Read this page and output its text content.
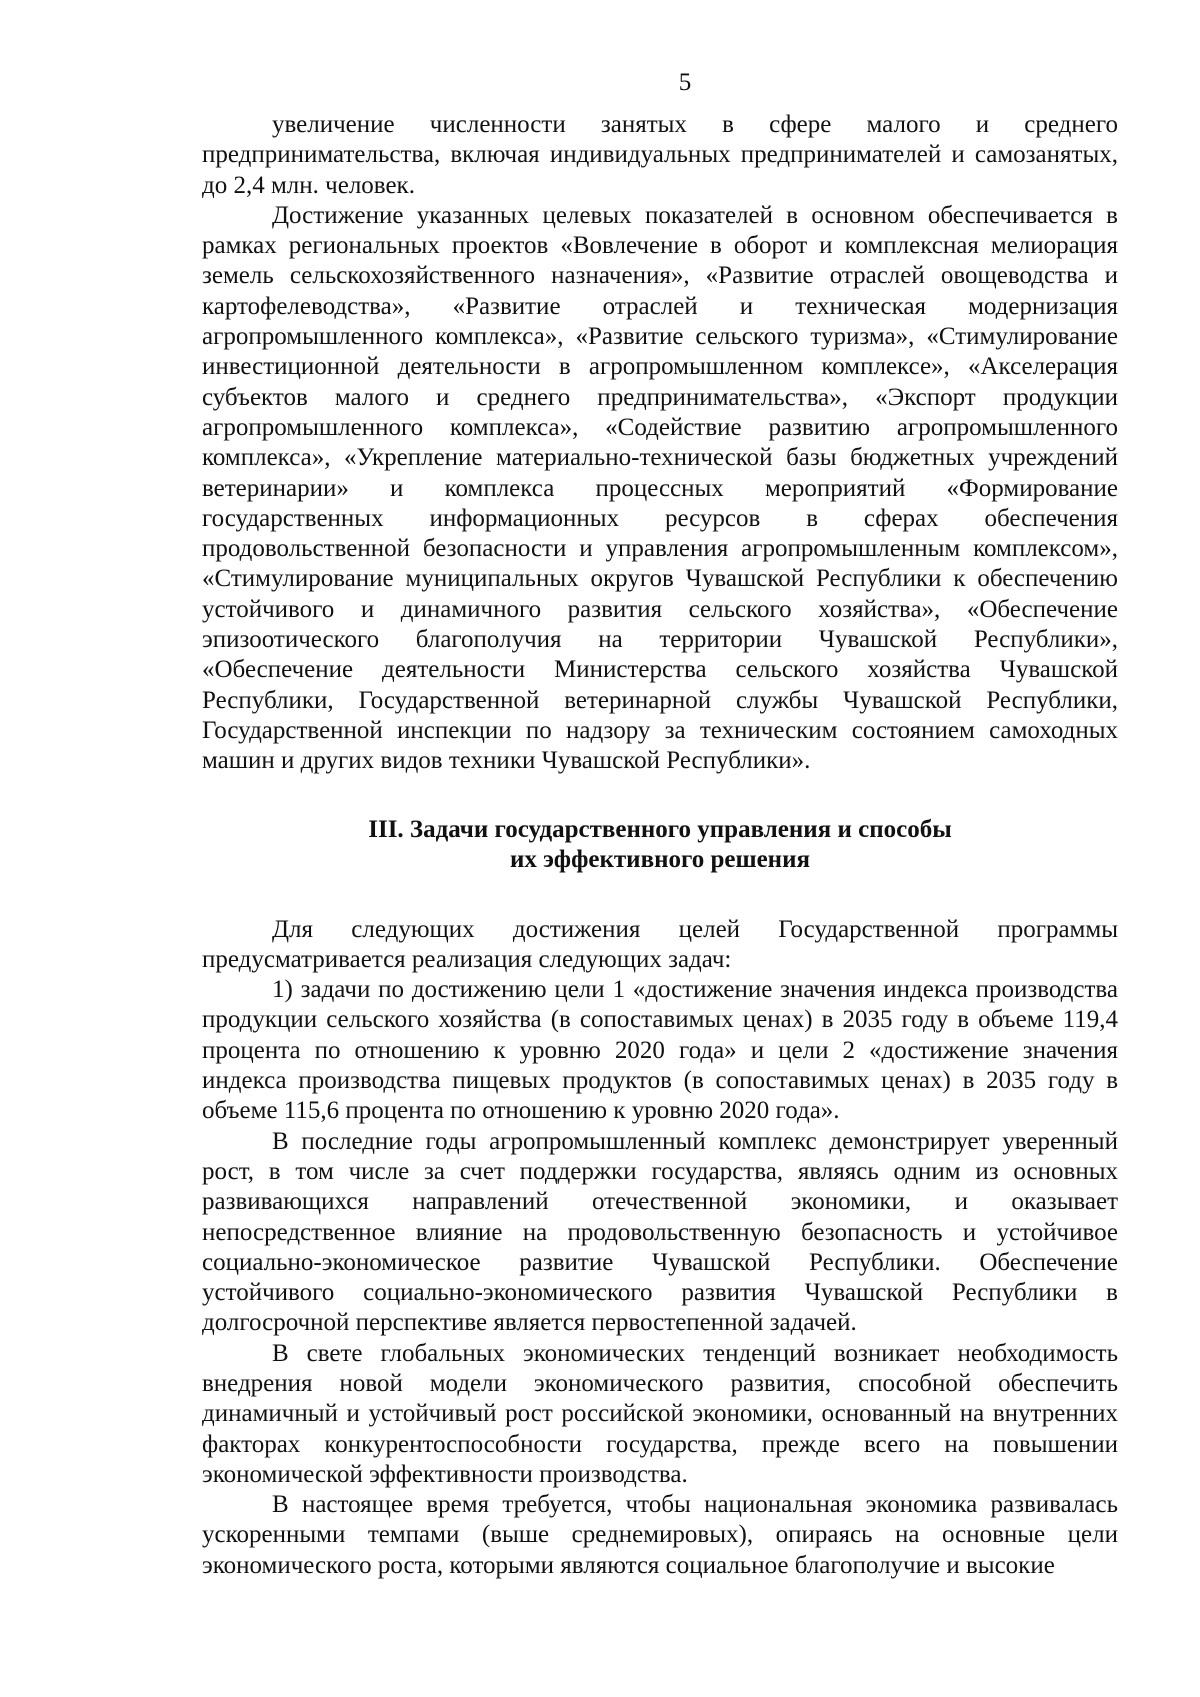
5

увеличение численности занятых в сфере малого и среднего предпринимательства, включая индивидуальных предпринимателей и самозанятых, до 2,4 млн. человек.

Достижение указанных целевых показателей в основном обеспечивается в рамках региональных проектов «Вовлечение в оборот и комплексная мелиорация земель сельскохозяйственного назначения», «Развитие отраслей овощеводства и картофелеводства», «Развитие отраслей и техническая модернизация агропромышленного комплекса», «Развитие сельского туризма», «Стимулирование инвестиционной деятельности в агропромышленном комплексе», «Акселерация субъектов малого и среднего предпринимательства», «Экспорт продукции агропромышленного комплекса», «Содействие развитию агропромышленного комплекса», «Укрепление материально-технической базы бюджетных учреждений ветеринарии» и комплекса процессных мероприятий «Формирование государственных информационных ресурсов в сферах обеспечения продовольственной безопасности и управления агропромышленным комплексом», «Стимулирование муниципальных округов Чувашской Республики к обеспечению устойчивого и динамичного развития сельского хозяйства», «Обеспечение эпизоотического благополучия на территории Чувашской Республики», «Обеспечение деятельности Министерства сельского хозяйства Чувашской Республики, Государственной ветеринарной службы Чувашской Республики, Государственной инспекции по надзору за техническим состоянием самоходных машин и других видов техники Чувашской Республики».

III. Задачи государственного управления и способы
их эффективного решения

Для следующих достижения целей Государственной программы предусматривается реализация следующих задач:

1) задачи по достижению цели 1 «достижение значения индекса производства продукции сельского хозяйства (в сопоставимых ценах) в 2035 году в объеме 119,4 процента по отношению к уровню 2020 года» и цели 2 «достижение значения индекса производства пищевых продуктов (в сопоставимых ценах) в 2035 году в объеме 115,6 процента по отношению к уровню 2020 года».

В последние годы агропромышленный комплекс демонстрирует уверенный рост, в том числе за счет поддержки государства, являясь одним из основных развивающихся направлений отечественной экономики, и оказывает непосредственное влияние на продовольственную безопасность и устойчивое социально-экономическое развитие Чувашской Республики. Обеспечение устойчивого социально-экономического развития Чувашской Республики в долгосрочной перспективе является первостепенной задачей.

В свете глобальных экономических тенденций возникает необходимость внедрения новой модели экономического развития, способной обеспечить динамичный и устойчивый рост российской экономики, основанный на внутренних факторах конкурентоспособности государства, прежде всего на повышении экономической эффективности производства.

В настоящее время требуется, чтобы национальная экономика развивалась ускоренными темпами (выше среднемировых), опираясь на основные цели экономического роста, которыми являются социальное благополучие и высокие
